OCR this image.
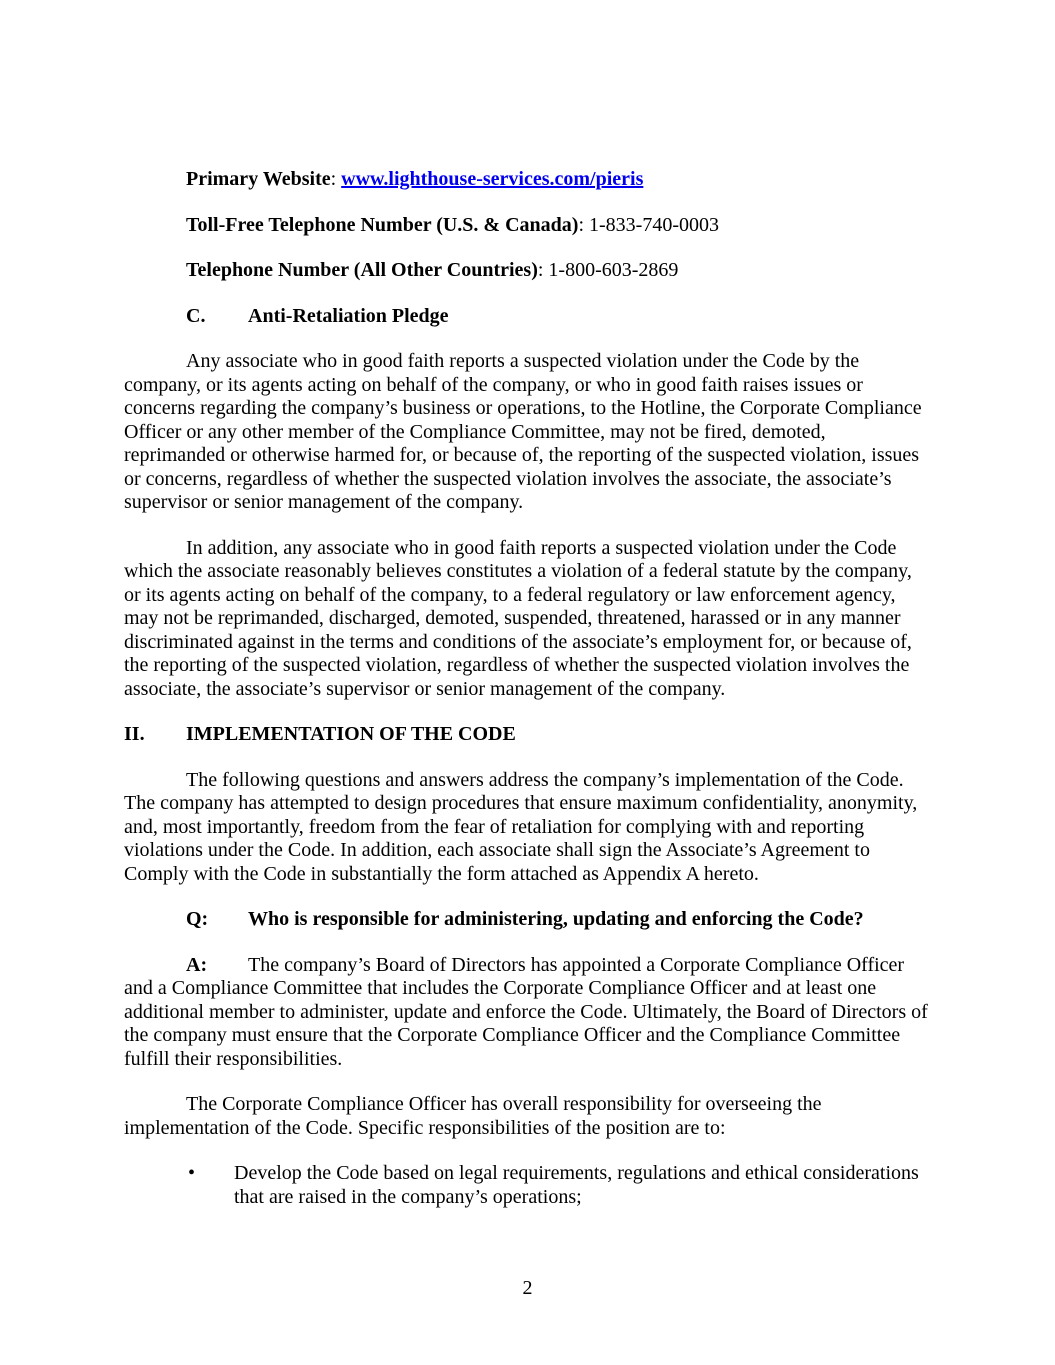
Primary Website: www.lighthouse-services.com/pieris

Toll-Free Telephone Number (U.S. & Canada): 1-833-740-0003

Telephone Number (All Other Countries): 1-800-603-2869

C. Anti-Retaliation Pledge

Any associate who in good faith reports a suspected violation under the Code by the company, or its agents acting on behalf of the company, or who in good faith raises issues or concerns regarding the company’s business or operations, to the Hotline, the Corporate Compliance Officer or any other member of the Compliance Committee, may not be fired, demoted, reprimanded or otherwise harmed for, or because of, the reporting of the suspected violation, issues or concerns, regardless of whether the suspected violation involves the associate, the associate’s supervisor or senior management of the company.

In addition, any associate who in good faith reports a suspected violation under the Code which the associate reasonably believes constitutes a violation of a federal statute by the company, or its agents acting on behalf of the company, to a federal regulatory or law enforcement agency, may not be reprimanded, discharged, demoted, suspended, threatened, harassed or in any manner discriminated against in the terms and conditions of the associate’s employment for, or because of, the reporting of the suspected violation, regardless of whether the suspected violation involves the associate, the associate’s supervisor or senior management of the company.

II. IMPLEMENTATION OF THE CODE

The following questions and answers address the company’s implementation of the Code. The company has attempted to design procedures that ensure maximum confidentiality, anonymity, and, most importantly, freedom from the fear of retaliation for complying with and reporting violations under the Code. In addition, each associate shall sign the Associate’s Agreement to Comply with the Code in substantially the form attached as Appendix A hereto.

Q: Who is responsible for administering, updating and enforcing the Code?

A: The company’s Board of Directors has appointed a Corporate Compliance Officer and a Compliance Committee that includes the Corporate Compliance Officer and at least one additional member to administer, update and enforce the Code. Ultimately, the Board of Directors of the company must ensure that the Corporate Compliance Officer and the Compliance Committee fulfill their responsibilities.

The Corporate Compliance Officer has overall responsibility for overseeing the implementation of the Code. Specific responsibilities of the position are to:

• Develop the Code based on legal requirements, regulations and ethical considerations that are raised in the company’s operations;
2
